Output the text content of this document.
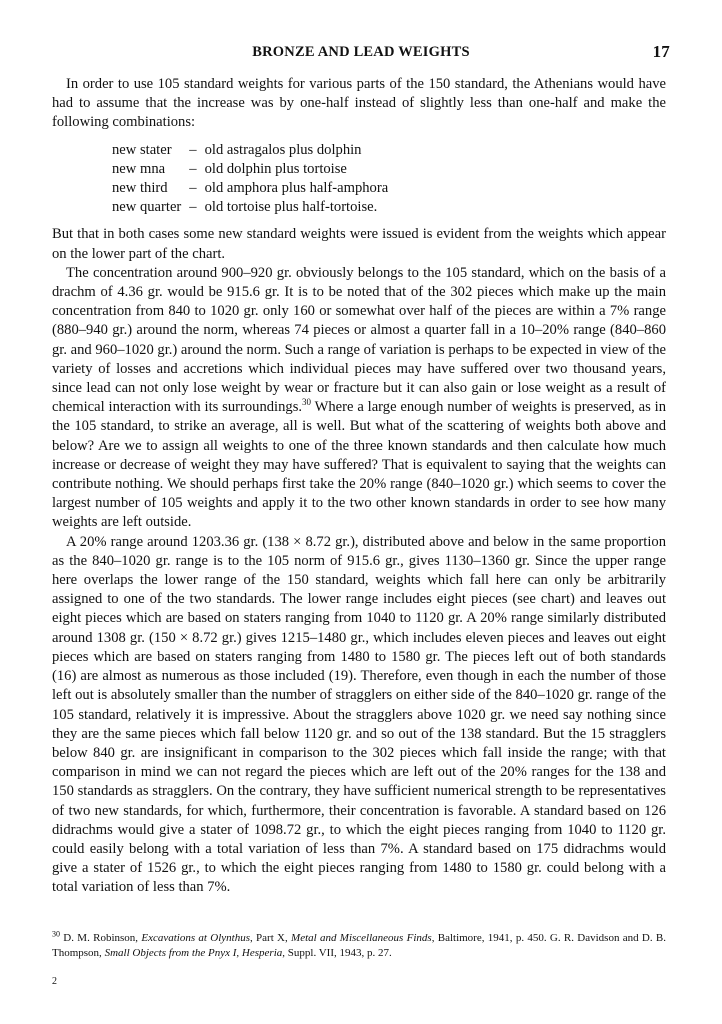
BRONZE AND LEAD WEIGHTS	17

In order to use 105 standard weights for various parts of the 150 standard, the Athenians would have had to assume that the increase was by one-half instead of slightly less than one-half and make the following combinations:

new stater	–	old astragalos plus dolphin
new mna	–	old dolphin plus tortoise
new third	–	old amphora plus half-amphora
new quarter	–	old tortoise plus half-tortoise.

But that in both cases some new standard weights were issued is evident from the weights which appear on the lower part of the chart.

The concentration around 900–920 gr. obviously belongs to the 105 standard, which on the basis of a drachm of 4.36 gr. would be 915.6 gr. It is to be noted that of the 302 pieces which make up the main concentration from 840 to 1020 gr. only 160 or somewhat over half of the pieces are within a 7% range (880–940 gr.) around the norm, whereas 74 pieces or almost a quarter fall in a 10–20% range (840–860 gr. and 960–1020 gr.) around the norm. Such a range of variation is perhaps to be expected in view of the variety of losses and accretions which individual pieces may have suffered over two thousand years, since lead can not only lose weight by wear or fracture but it can also gain or lose weight as a result of chemical interaction with its surroundings.$^{30}$ Where a large enough number of weights is preserved, as in the 105 standard, to strike an average, all is well. But what of the scattering of weights both above and below? Are we to assign all weights to one of the three known standards and then calculate how much increase or decrease of weight they may have suffered? That is equivalent to saying that the weights can contribute nothing. We should perhaps first take the 20% range (840–1020 gr.) which seems to cover the largest number of 105 weights and apply it to the two other known standards in order to see how many weights are left outside.

A 20% range around 1203.36 gr. (138 × 8.72 gr.), distributed above and below in the same proportion as the 840–1020 gr. range is to the 105 norm of 915.6 gr., gives 1130–1360 gr. Since the upper range here overlaps the lower range of the 150 standard, weights which fall here can only be arbitrarily assigned to one of the two standards. The lower range includes eight pieces (see chart) and leaves out eight pieces which are based on staters ranging from 1040 to 1120 gr. A 20% range similarly distributed around 1308 gr. (150 × 8.72 gr.) gives 1215–1480 gr., which includes eleven pieces and leaves out eight pieces which are based on staters ranging from 1480 to 1580 gr. The pieces left out of both standards (16) are almost as numerous as those included (19). Therefore, even though in each the number of those left out is absolutely smaller than the number of stragglers on either side of the 840–1020 gr. range of the 105 standard, relatively it is impressive. About the stragglers above 1020 gr. we need say nothing since they are the same pieces which fall below 1120 gr. and so out of the 138 standard. But the 15 stragglers below 840 gr. are insignificant in comparison to the 302 pieces which fall inside the range; with that comparison in mind we can not regard the pieces which are left out of the 20% ranges for the 138 and 150 standards as stragglers. On the contrary, they have sufficient numerical strength to be representatives of two new standards, for which, furthermore, their concentration is favorable. A standard based on 126 didrachms would give a stater of 1098.72 gr., to which the eight pieces ranging from 1040 to 1120 gr. could easily belong with a total variation of less than 7%. A standard based on 175 didrachms would give a stater of 1526 gr., to which the eight pieces ranging from 1480 to 1580 gr. could belong with a total variation of less than 7%.

$^{30}$ D. M. Robinson, Excavations at Olynthus, Part X, Metal and Miscellaneous Finds, Baltimore, 1941, p. 450. G. R. Davidson and D. B. Thompson, Small Objects from the Pnyx I, Hesperia, Suppl. VII, 1943, p. 27.
2
